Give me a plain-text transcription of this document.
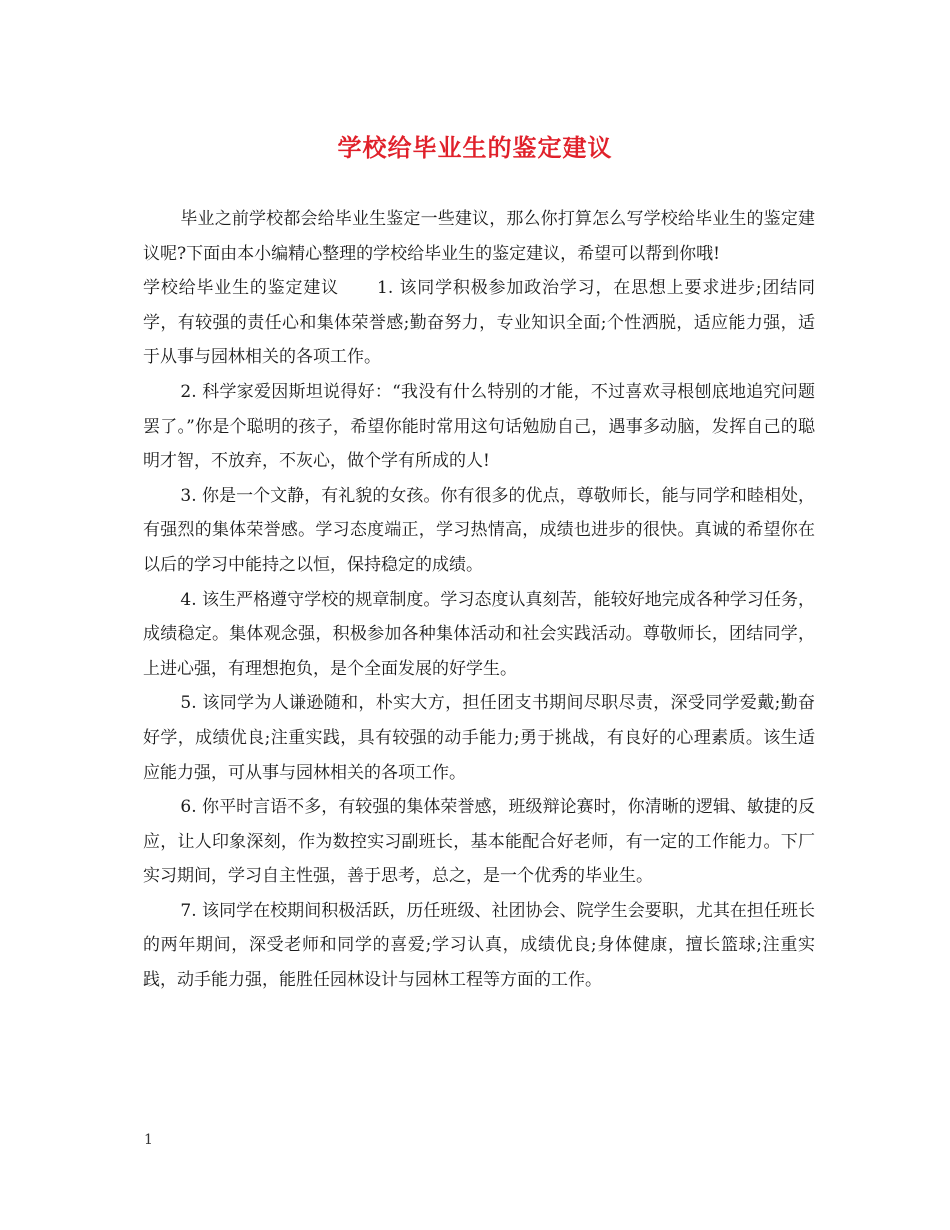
学校给毕业生的鉴定建议

毕业之前学校都会给毕业生鉴定一些建议，那么你打算怎么写学校给毕业生的鉴定建议呢?下面由本小编精心整理的学校给毕业生的鉴定建议，希望可以帮到你哦!

学校给毕业生的鉴定建议 1. 该同学积极参加政治学习，在思想上要求进步;团结同学，有较强的责任心和集体荣誉感;勤奋努力，专业知识全面;个性洒脱，适应能力强，适于从事与园林相关的各项工作。

2. 科学家爱因斯坦说得好：“我没有什么特别的才能，不过喜欢寻根刨底地追究问题罢了。”你是个聪明的孩子，希望你能时常用这句话勉励自己，遇事多动脑，发挥自己的聪明才智，不放弃，不灰心，做个学有所成的人!

3. 你是一个文静，有礼貌的女孩。你有很多的优点，尊敬师长，能与同学和睦相处，有强烈的集体荣誉感。学习态度端正，学习热情高，成绩也进步的很快。真诚的希望你在以后的学习中能持之以恒，保持稳定的成绩。

4. 该生严格遵守学校的规章制度。学习态度认真刻苦，能较好地完成各种学习任务，成绩稳定。集体观念强，积极参加各种集体活动和社会实践活动。尊敬师长，团结同学，上进心强，有理想抱负，是个全面发展的好学生。

5. 该同学为人谦逊随和，朴实大方，担任团支书期间尽职尽责，深受同学爱戴;勤奋好学，成绩优良;注重实践，具有较强的动手能力;勇于挑战，有良好的心理素质。该生适应能力强，可从事与园林相关的各项工作。

6. 你平时言语不多，有较强的集体荣誉感，班级辩论赛时，你清晰的逻辑、敏捷的反应，让人印象深刻，作为数控实习副班长，基本能配合好老师，有一定的工作能力。下厂实习期间，学习自主性强，善于思考，总之，是一个优秀的毕业生。

7. 该同学在校期间积极活跃，历任班级、社团协会、院学生会要职，尤其在担任班长的两年期间，深受老师和同学的喜爱;学习认真，成绩优良;身体健康，擅长篮球;注重实践，动手能力强，能胜任园林设计与园林工程等方面的工作。

1
